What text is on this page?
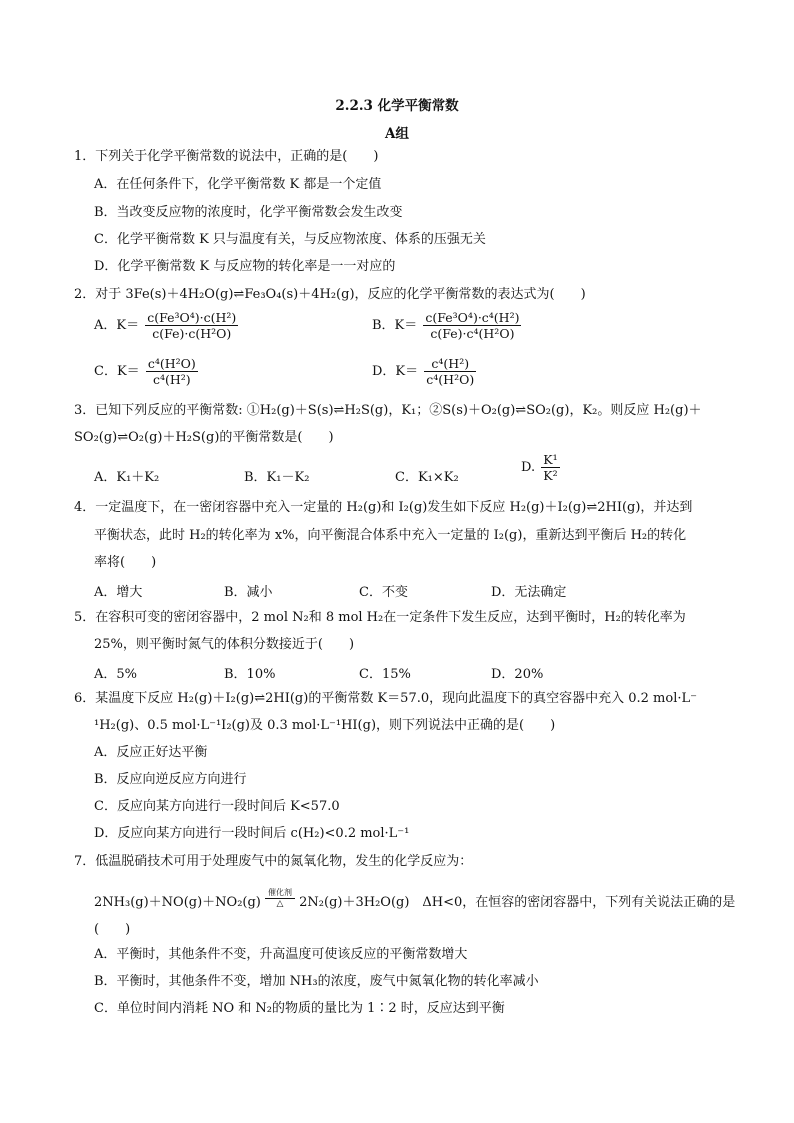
2.2.3 化学平衡常数
A组
1．下列关于化学平衡常数的说法中，正确的是(　　)
A．在任何条件下，化学平衡常数 K 都是一个定值
B．当改变反应物的浓度时，化学平衡常数会发生改变
C．化学平衡常数 K 只与温度有关，与反应物浓度、体系的压强无关
D．化学平衡常数 K 与反应物的转化率是一一对应的
2．对于 3Fe(s)＋4H₂O(g)⇌Fe₃O₄(s)＋4H₂(g)，反应的化学平衡常数的表达式为(　　)
A．$K= \frac{\text{c(Fe³O⁴)·c(H²)}}{\text{c(Fe)·c(H²O)}}$	B．$K= \frac{\text{c(Fe³O⁴)·c⁴(H²)}}{\text{c(Fe)·c⁴(H²O)}}$
C．$K= \frac{\text{c⁴(H²O)}}{\text{c⁴(H²)}}$	D．$K= \frac{\text{c⁴(H²)}}{\text{c⁴(H²O)}}$
3．已知下列反应的平衡常数: ①H₂(g)＋S(s)⇌H₂S(g)，K₁；②S(s)＋O₂(g)⇌SO₂(g)，K₂。则反应 H₂(g)＋
SO₂(g)⇌O₂(g)＋H₂S(g)的平衡常数是(　　)
A．K₁＋K₂	B．K₁－K₂	C．K₁×K₂
D. $\frac{\text{K¹}}{\text{K²}}$
4．一定温度下，在一密闭容器中充入一定量的 H₂(g)和 I₂(g)发生如下反应 H₂(g)＋I₂(g)⇌2HI(g)，并达到
平衡状态，此时 H₂的转化率为 x%，向平衡混合体系中充入一定量的 I₂(g)，重新达到平衡后 H₂的转化
率将(　　)
A．增大	B．减小	C．不变	D．无法确定
5．在容积可变的密闭容器中，2 mol N₂和 8 mol H₂在一定条件下发生反应，达到平衡时，H₂的转化率为
25%，则平衡时氮气的体积分数接近于(　　)
A．5%	B．10%	C．15%	D．20%
6．某温度下反应 H₂(g)＋I₂(g)⇌2HI(g)的平衡常数 K＝57.0，现向此温度下的真空容器中充入 0.2 mol·L⁻
¹H₂(g)、0.5 mol·L⁻¹I₂(g)及 0.3 mol·L⁻¹HI(g)，则下列说法中正确的是(　　)
A．反应正好达平衡
B．反应向逆反应方向进行
C．反应向某方向进行一段时间后 K<57.0
D．反应向某方向进行一段时间后 c(H₂)<0.2 mol·L⁻¹
7．低温脱硝技术可用于处理废气中的氮氧化物，发生的化学反应为：
2NH₃(g)＋NO(g)＋NO₂(g)
催化剂
△	2N₂(g)＋3H₂O(g)　ΔH<0，在恒容的密闭容器中，下列有关说法正确的是
(　　)
A．平衡时，其他条件不变，升高温度可使该反应的平衡常数增大
B．平衡时，其他条件不变，增加 NH₃的浓度，废气中氮氧化物的转化率减小
C．单位时间内消耗 NO 和 N₂的物质的量比为 1∶2 时，反应达到平衡
